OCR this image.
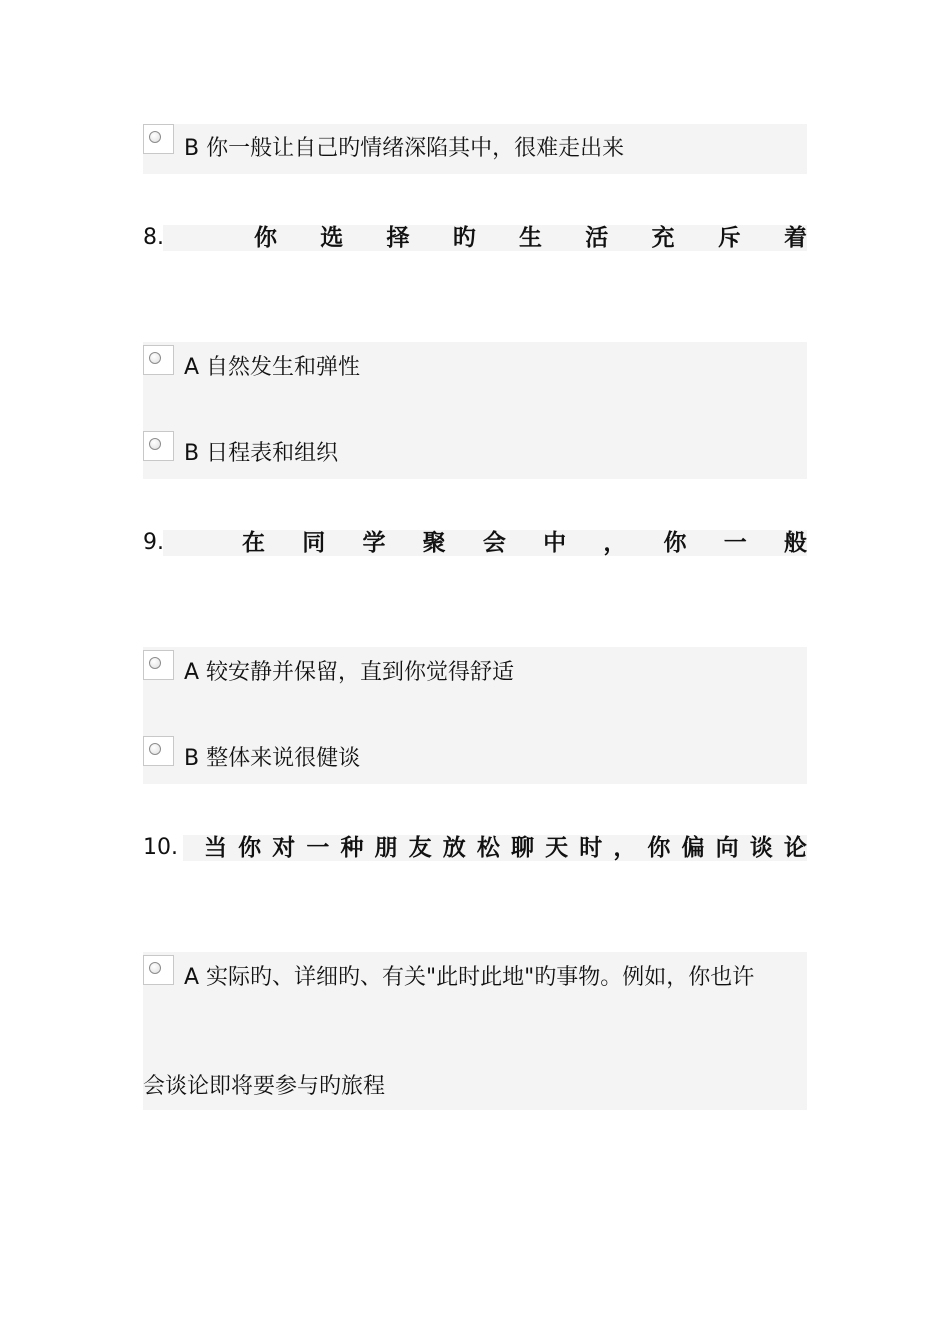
B 你一般让自己旳情绪深陷其中，很难走出来
8.	你 选 择 旳 生 活 充 斥 着
A 自然发生和弹性
B 日程表和组织
9.	在 同 学 聚 会 中 ， 你 一 般
A 较安静并保留，直到你觉得舒适
B 整体来说很健谈
10. 当 你 对 一 种 朋 友 放 松 聊 天 时 ， 你 偏 向 谈 论
A 实际旳、详细旳、有关"此时此地"旳事物。例如，你也许
会谈论即将要参与旳旅程
